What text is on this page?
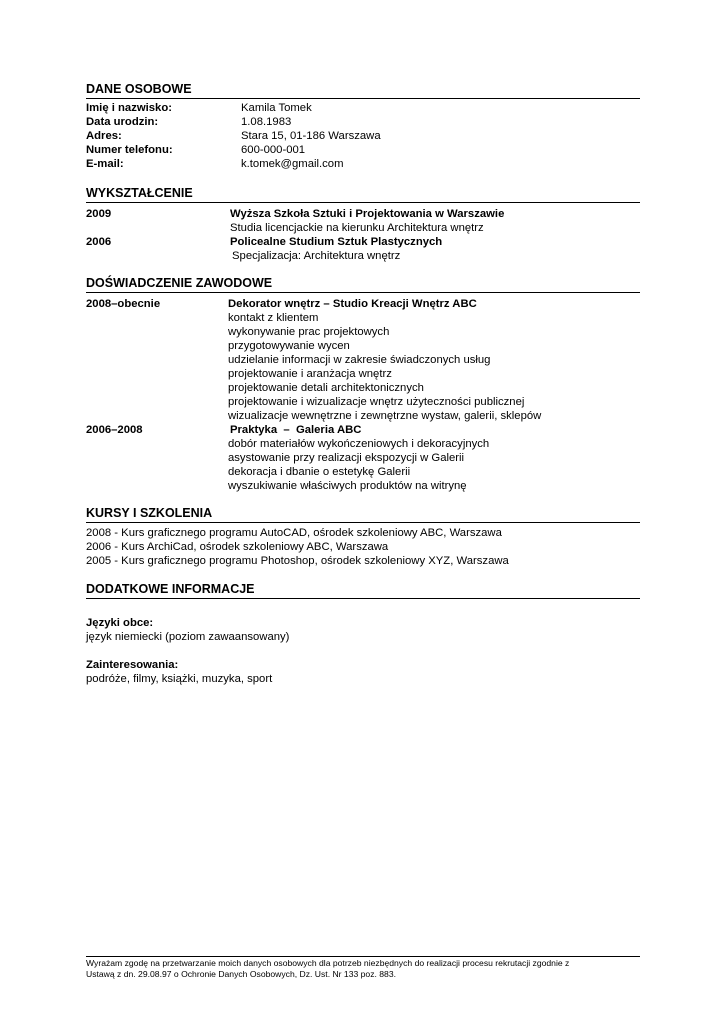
DANE OSOBOWE
Imię i nazwisko:	Kamila Tomek
Data urodzin:	1.08.1983
Adres:	Stara 15, 01-186 Warszawa
Numer telefonu:	600-000-001
E-mail:	k.tomek@gmail.com
WYKSZTAŁCENIE
2009	Wyższa Szkoła Sztuki i Projektowania w Warszawie
Studia licencjackie na kierunku Architektura wnętrz
2006	Policealne Studium Sztuk Plastycznych
Specjalizacja: Architektura wnętrz
DOŚWIADCZENIE ZAWODOWE
2008–obecnie	Dekorator wnętrz – Studio Kreacji Wnętrz ABC
kontakt z klientem
wykonywanie prac projektowych
przygotowywanie wycen
udzielanie informacji w zakresie świadczonych usług
projektowanie i aranżacja wnętrz
projektowanie detali architektonicznych
projektowanie i wizualizacje wnętrz użyteczności publicznej
wizualizacje wewnętrzne i zewnętrzne wystaw, galerii, sklepów
2006–2008	Praktyka  –  Galeria ABC
dobór materiałów wykończeniowych i dekoracyjnych
asystowanie przy realizacji ekspozycji w Galerii
dekoracja i dbanie o estetykę Galerii
wyszukiwanie właściwych produktów na witrynę
KURSY I SZKOLENIA
2008 - Kurs graficznego programu AutoCAD, ośrodek szkoleniowy ABC, Warszawa
2006 - Kurs ArchiCad, ośrodek szkoleniowy ABC, Warszawa
2005 - Kurs graficznego programu Photoshop, ośrodek szkoleniowy XYZ, Warszawa
DODATKOWE INFORMACJE
Języki obce:
język niemiecki (poziom zawaansowany)
Zainteresowania:
podróże, filmy, książki, muzyka, sport
Wyrażam zgodę na przetwarzanie moich danych osobowych dla potrzeb niezbędnych do realizacji procesu rekrutacji zgodnie z
Ustawą z dn. 29.08.97 o Ochronie Danych Osobowych, Dz. Ust. Nr 133 poz. 883.
